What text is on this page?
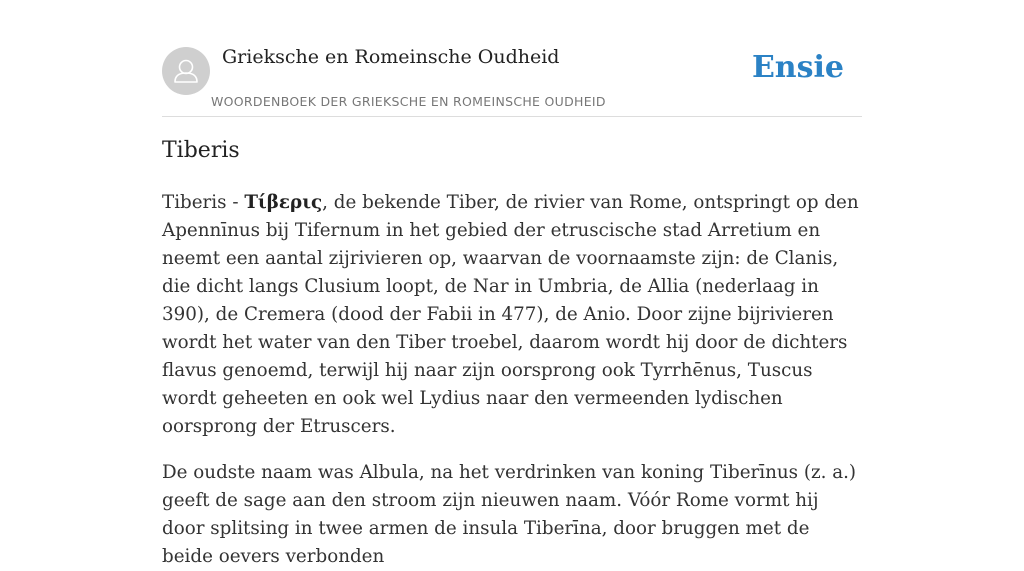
Grieksche en Romeinsche Oudheid
WOORDENBOEK DER GRIEKSCHE EN ROMEINSCHE OUDHEID
Ensie
Tiberis

Tiberis - Τίβερις, de bekende Tiber, de rivier van Rome, ontspringt op den Apennīnus bij Tifernum in het gebied der etruscische stad Arretium en neemt een aantal zijrivieren op, waarvan de voornaamste zijn: de Clanis, die dicht langs Clusium loopt, de Nar in Umbria, de Allia (nederlaag in 390), de Cremera (dood der Fabii in 477), de Anio. Door zijne bijrivieren wordt het water van den Tiber troebel, daarom wordt hij door de dichters flavus genoemd, terwijl hij naar zijn oorsprong ook Tyrrhēnus, Tuscus wordt geheeten en ook wel Lydius naar den vermeenden lydischen oorsprong der Etruscers.

De oudste naam was Albula, na het verdrinken van koning Tiberīnus (z. a.) geeft de sage aan den stroom zijn nieuwen naam. Vóór Rome vormt hij door splitsing in twee armen de insula Tiberīna, door bruggen met de beide oevers verbonden
